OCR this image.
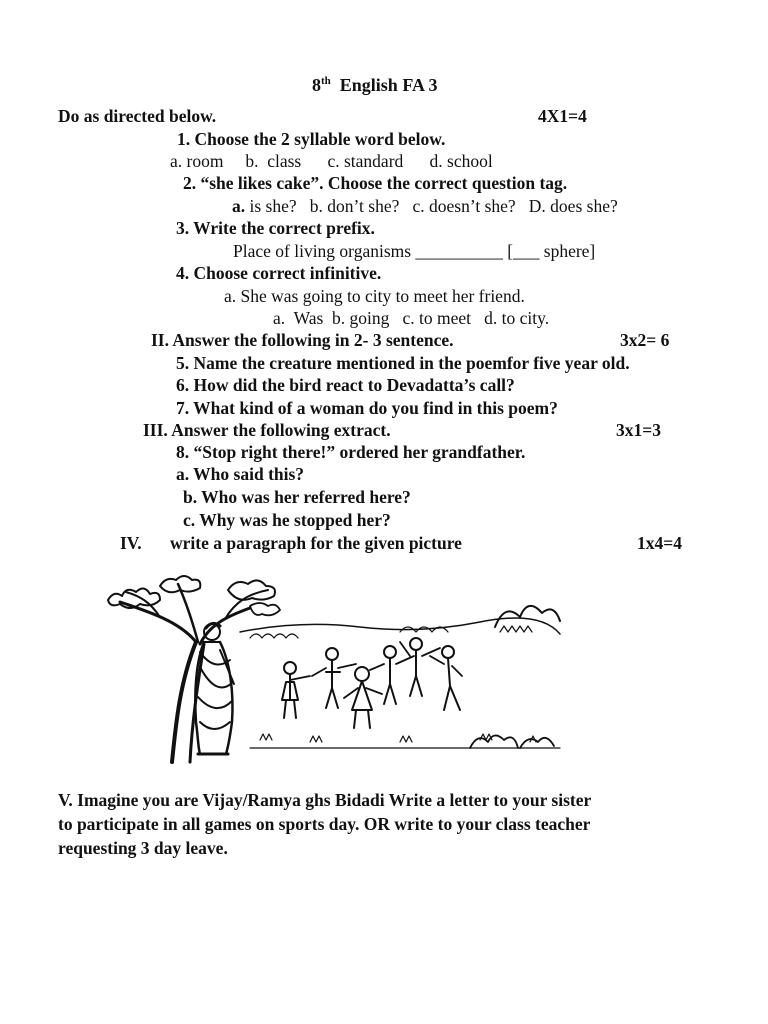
8th English FA 3
Do as directed below.	4X1=4
1. Choose the 2 syllable word below.
a. room     b.  class      c. standard      d. school
2. “she likes cake”. Choose the correct question tag.
a. is she?   b. don’t she?   c. doesn’t she?   D. does she?
3. Write the correct prefix.
Place of living organisms __________ [___ sphere]
4. Choose correct infinitive.
a. She was going to city to meet her friend.
a.  Was  b. going   c. to meet   d. to city.
II. Answer the following in 2- 3 sentence.	3x2= 6
5. Name the creature mentioned in the poemfor five year old.
6. How did the bird react to Devadatta’s call?
7. What kind of a woman do you find in this poem?
III. Answer the following extract.	3x1=3
8. “Stop right there!” ordered her grandfather.
a. Who said this?
b. Who was her referred here?
c. Why was he stopped her?
IV. write a paragraph for the given picture	1x4=4
V. Imagine you are Vijay/Ramya ghs Bidadi Write a letter to your sister
to participate in all games on sports day. OR write to your class teacher
requesting 3 day leave.
